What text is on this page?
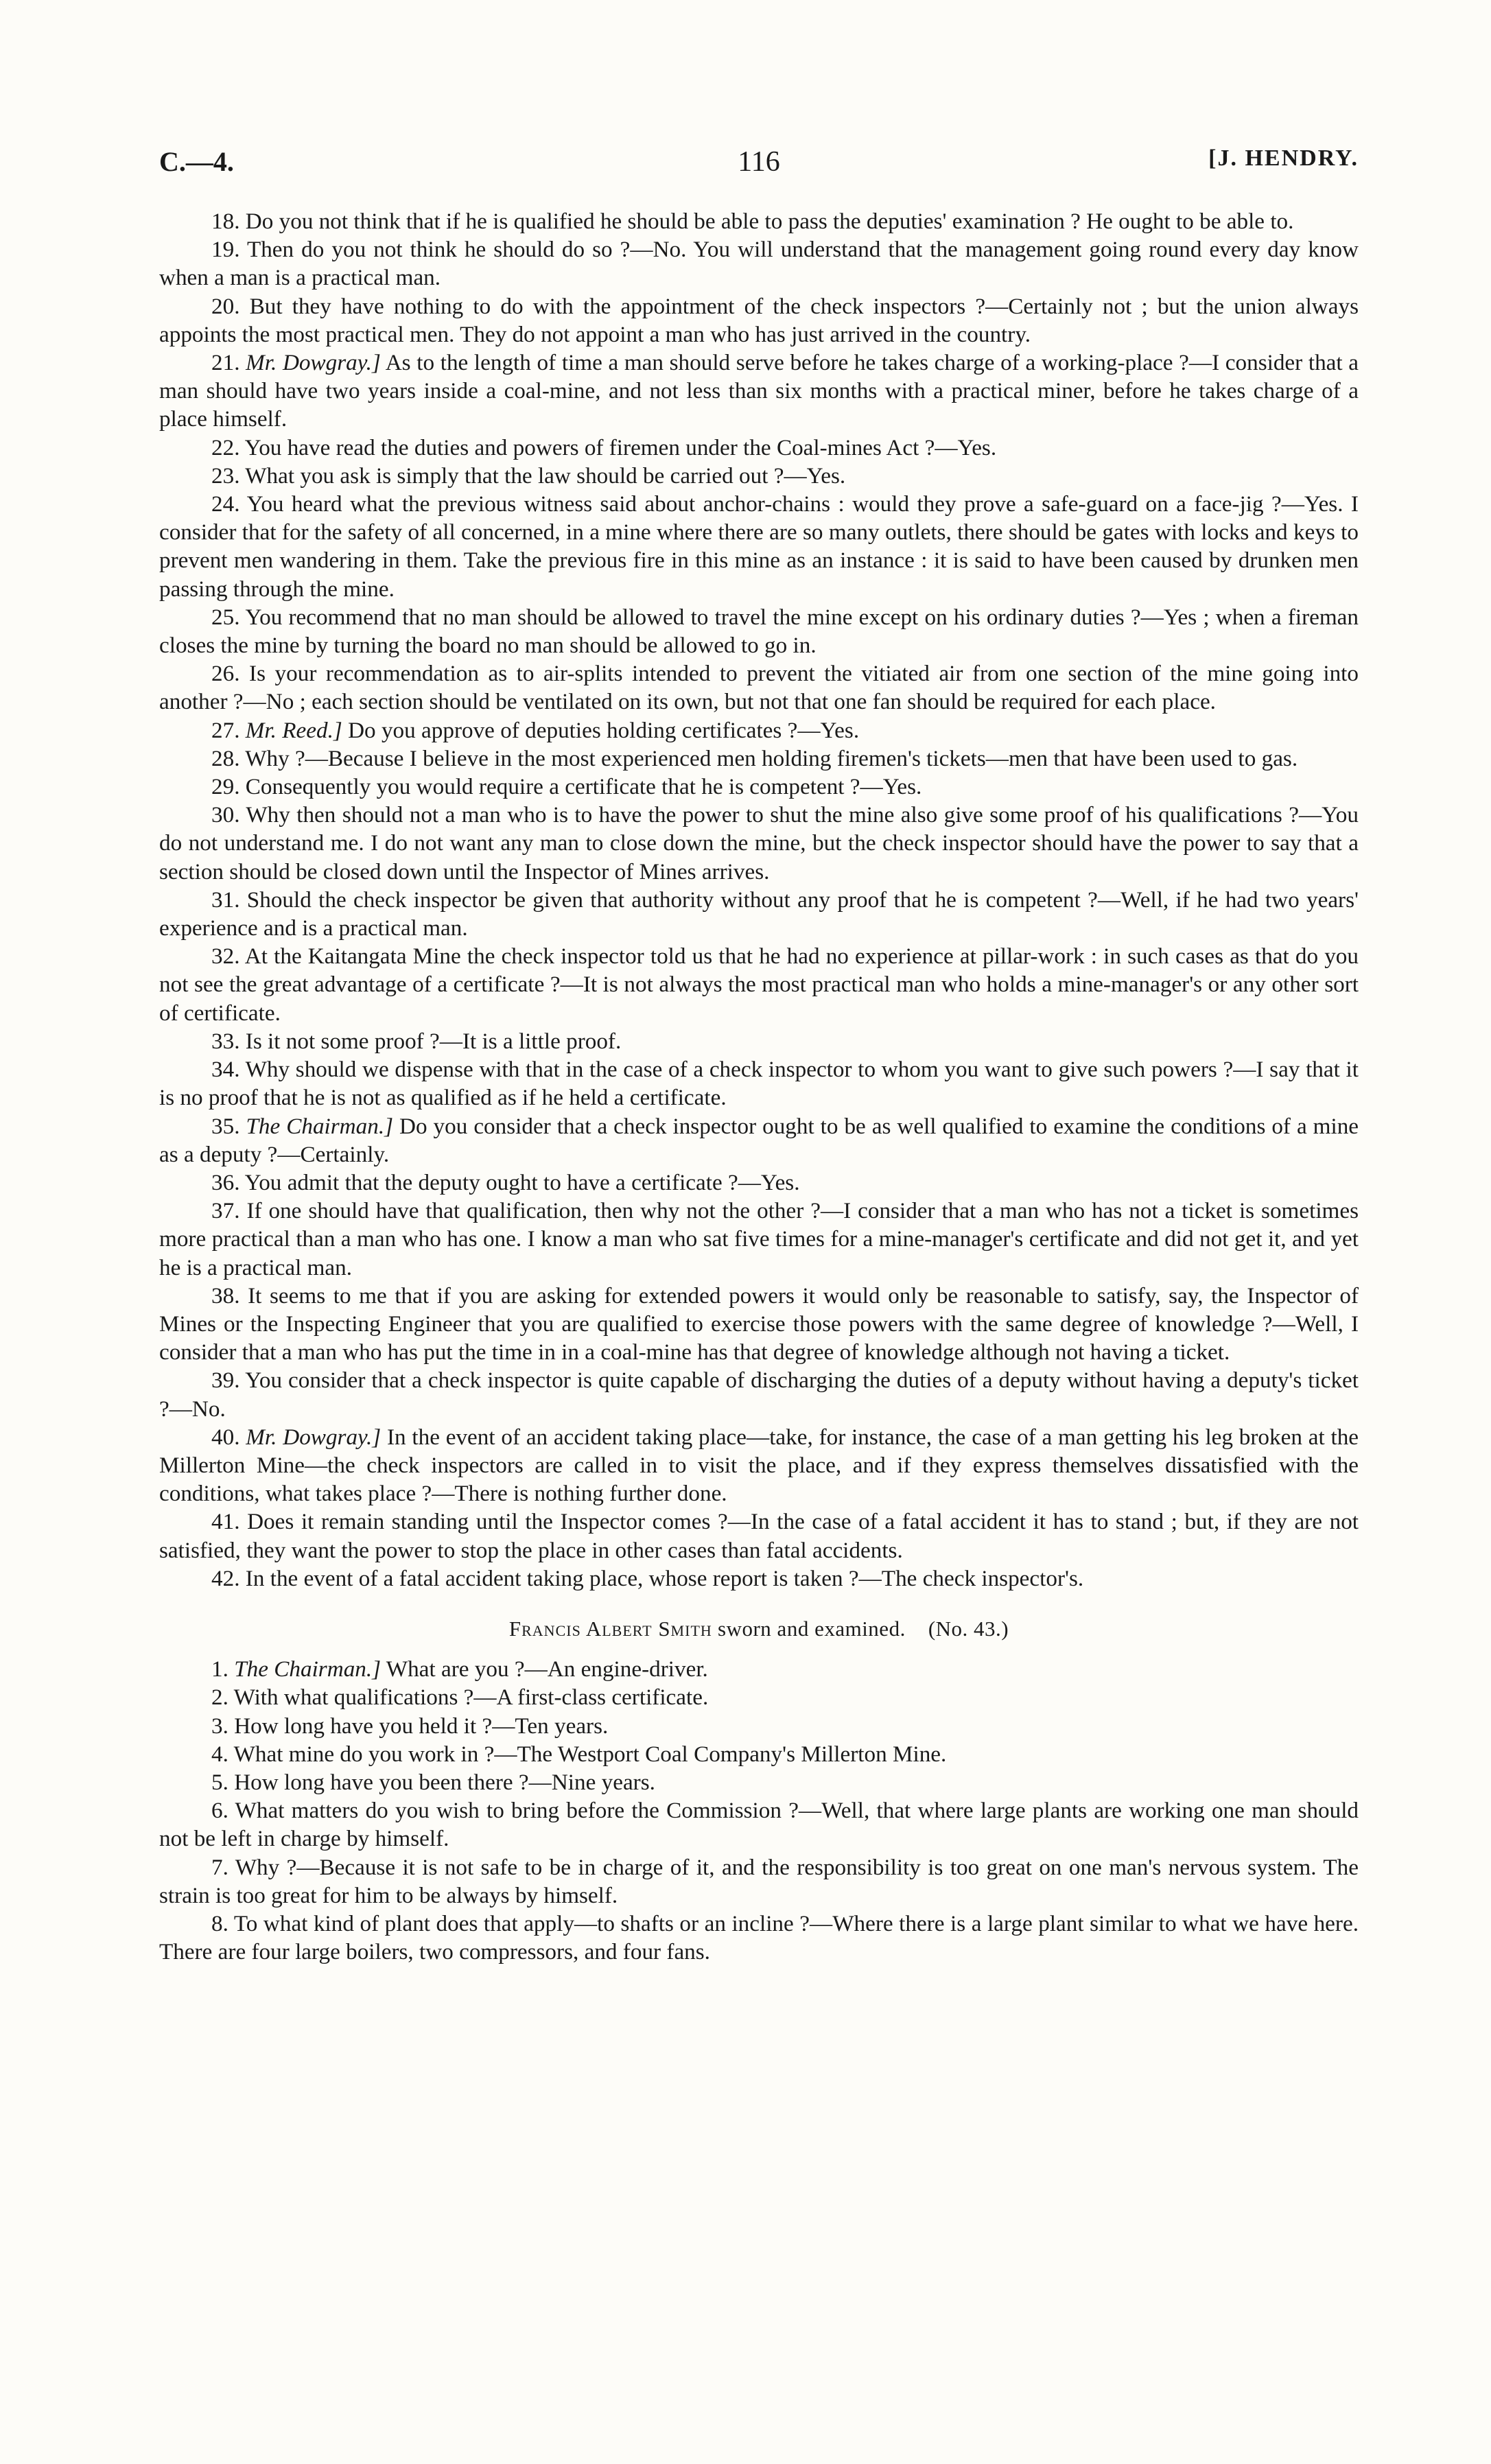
C.—4.	116	[J. HENDRY.

18. Do you not think that if he is qualified he should be able to pass the deputies' examination ? He ought to be able to.

19. Then do you not think he should do so ?—No. You will understand that the management going round every day know when a man is a practical man.

20. But they have nothing to do with the appointment of the check inspectors ?—Certainly not ; but the union always appoints the most practical men. They do not appoint a man who has just arrived in the country.

21. Mr. Dowgray.] As to the length of time a man should serve before he takes charge of a working-place ?—I consider that a man should have two years inside a coal-mine, and not less than six months with a practical miner, before he takes charge of a place himself.

22. You have read the duties and powers of firemen under the Coal-mines Act ?—Yes.

23. What you ask is simply that the law should be carried out ?—Yes.

24. You heard what the previous witness said about anchor-chains : would they prove a safe-guard on a face-jig ?—Yes. I consider that for the safety of all concerned, in a mine where there are so many outlets, there should be gates with locks and keys to prevent men wandering in them. Take the previous fire in this mine as an instance : it is said to have been caused by drunken men passing through the mine.

25. You recommend that no man should be allowed to travel the mine except on his ordinary duties ?—Yes ; when a fireman closes the mine by turning the board no man should be allowed to go in.

26. Is your recommendation as to air-splits intended to prevent the vitiated air from one section of the mine going into another ?—No ; each section should be ventilated on its own, but not that one fan should be required for each place.

27. Mr. Reed.] Do you approve of deputies holding certificates ?—Yes.

28. Why ?—Because I believe in the most experienced men holding firemen's tickets—men that have been used to gas.

29. Consequently you would require a certificate that he is competent ?—Yes.

30. Why then should not a man who is to have the power to shut the mine also give some proof of his qualifications ?—You do not understand me. I do not want any man to close down the mine, but the check inspector should have the power to say that a section should be closed down until the Inspector of Mines arrives.

31. Should the check inspector be given that authority without any proof that he is competent ?—Well, if he had two years' experience and is a practical man.

32. At the Kaitangata Mine the check inspector told us that he had no experience at pillar-work : in such cases as that do you not see the great advantage of a certificate ?—It is not always the most practical man who holds a mine-manager's or any other sort of certificate.

33. Is it not some proof ?—It is a little proof.

34. Why should we dispense with that in the case of a check inspector to whom you want to give such powers ?—I say that it is no proof that he is not as qualified as if he held a certificate.

35. The Chairman.] Do you consider that a check inspector ought to be as well qualified to examine the conditions of a mine as a deputy ?—Certainly.

36. You admit that the deputy ought to have a certificate ?—Yes.

37. If one should have that qualification, then why not the other ?—I consider that a man who has not a ticket is sometimes more practical than a man who has one. I know a man who sat five times for a mine-manager's certificate and did not get it, and yet he is a practical man.

38. It seems to me that if you are asking for extended powers it would only be reasonable to satisfy, say, the Inspector of Mines or the Inspecting Engineer that you are qualified to exercise those powers with the same degree of knowledge ?—Well, I consider that a man who has put the time in in a coal-mine has that degree of knowledge although not having a ticket.

39. You consider that a check inspector is quite capable of discharging the duties of a deputy without having a deputy's ticket ?—No.

40. Mr. Dowgray.] In the event of an accident taking place—take, for instance, the case of a man getting his leg broken at the Millerton Mine—the check inspectors are called in to visit the place, and if they express themselves dissatisfied with the conditions, what takes place ?—There is nothing further done.

41. Does it remain standing until the Inspector comes ?—In the case of a fatal accident it has to stand ; but, if they are not satisfied, they want the power to stop the place in other cases than fatal accidents.

42. In the event of a fatal accident taking place, whose report is taken ?—The check inspector's.

Francis Albert Smith sworn and examined. (No. 43.)

1. The Chairman.] What are you ?—An engine-driver.

2. With what qualifications ?—A first-class certificate.

3. How long have you held it ?—Ten years.

4. What mine do you work in ?—The Westport Coal Company's Millerton Mine.

5. How long have you been there ?—Nine years.

6. What matters do you wish to bring before the Commission ?—Well, that where large plants are working one man should not be left in charge by himself.

7. Why ?—Because it is not safe to be in charge of it, and the responsibility is too great on one man's nervous system. The strain is too great for him to be always by himself.

8. To what kind of plant does that apply—to shafts or an incline ?—Where there is a large plant similar to what we have here. There are four large boilers, two compressors, and four fans.
